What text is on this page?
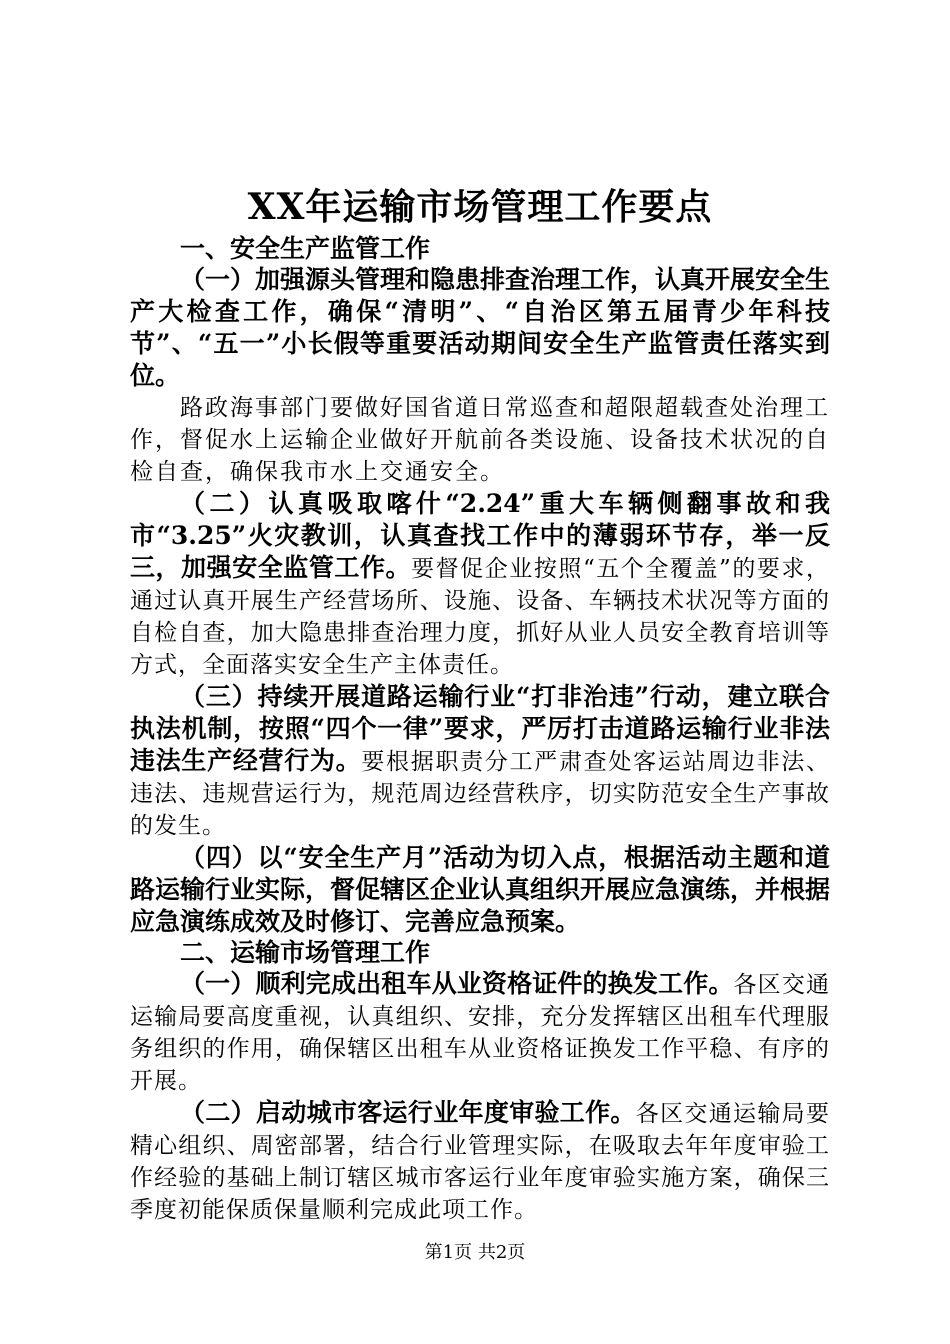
XX年运输市场管理工作要点

一、安全生产监管工作

（一）加强源头管理和隐患排查治理工作，认真开展安全生产大检查工作，确保“清明”、“自治区第五届青少年科技节”、“五一”小长假等重要活动期间安全生产监管责任落实到位。

路政海事部门要做好国省道日常巡查和超限超载查处治理工作，督促水上运输企业做好开航前各类设施、设备技术状况的自检自查，确保我市水上交通安全。

（二）认真吸取喀什“2.24”重大车辆侧翻事故和我市“3.25”火灾教训，认真查找工作中的薄弱环节存，举一反三，加强安全监管工作。要督促企业按照“五个全覆盖”的要求，通过认真开展生产经营场所、设施、设备、车辆技术状况等方面的自检自查，加大隐患排查治理力度，抓好从业人员安全教育培训等方式，全面落实安全生产主体责任。

（三）持续开展道路运输行业“打非治违”行动，建立联合执法机制，按照“四个一律”要求，严厉打击道路运输行业非法违法生产经营行为。要根据职责分工严肃查处客运站周边非法、违法、违规营运行为，规范周边经营秩序，切实防范安全生产事故的发生。

（四）以“安全生产月”活动为切入点，根据活动主题和道路运输行业实际，督促辖区企业认真组织开展应急演练，并根据应急演练成效及时修订、完善应急预案。

二、运输市场管理工作

（一）顺利完成出租车从业资格证件的换发工作。各区交通运输局要高度重视，认真组织、安排，充分发挥辖区出租车代理服务组织的作用，确保辖区出租车从业资格证换发工作平稳、有序的开展。

（二）启动城市客运行业年度审验工作。各区交通运输局要精心组织、周密部署，结合行业管理实际，在吸取去年年度审验工作经验的基础上制订辖区城市客运行业年度审验实施方案，确保三季度初能保质保量顺利完成此项工作。

第1页 共2页
